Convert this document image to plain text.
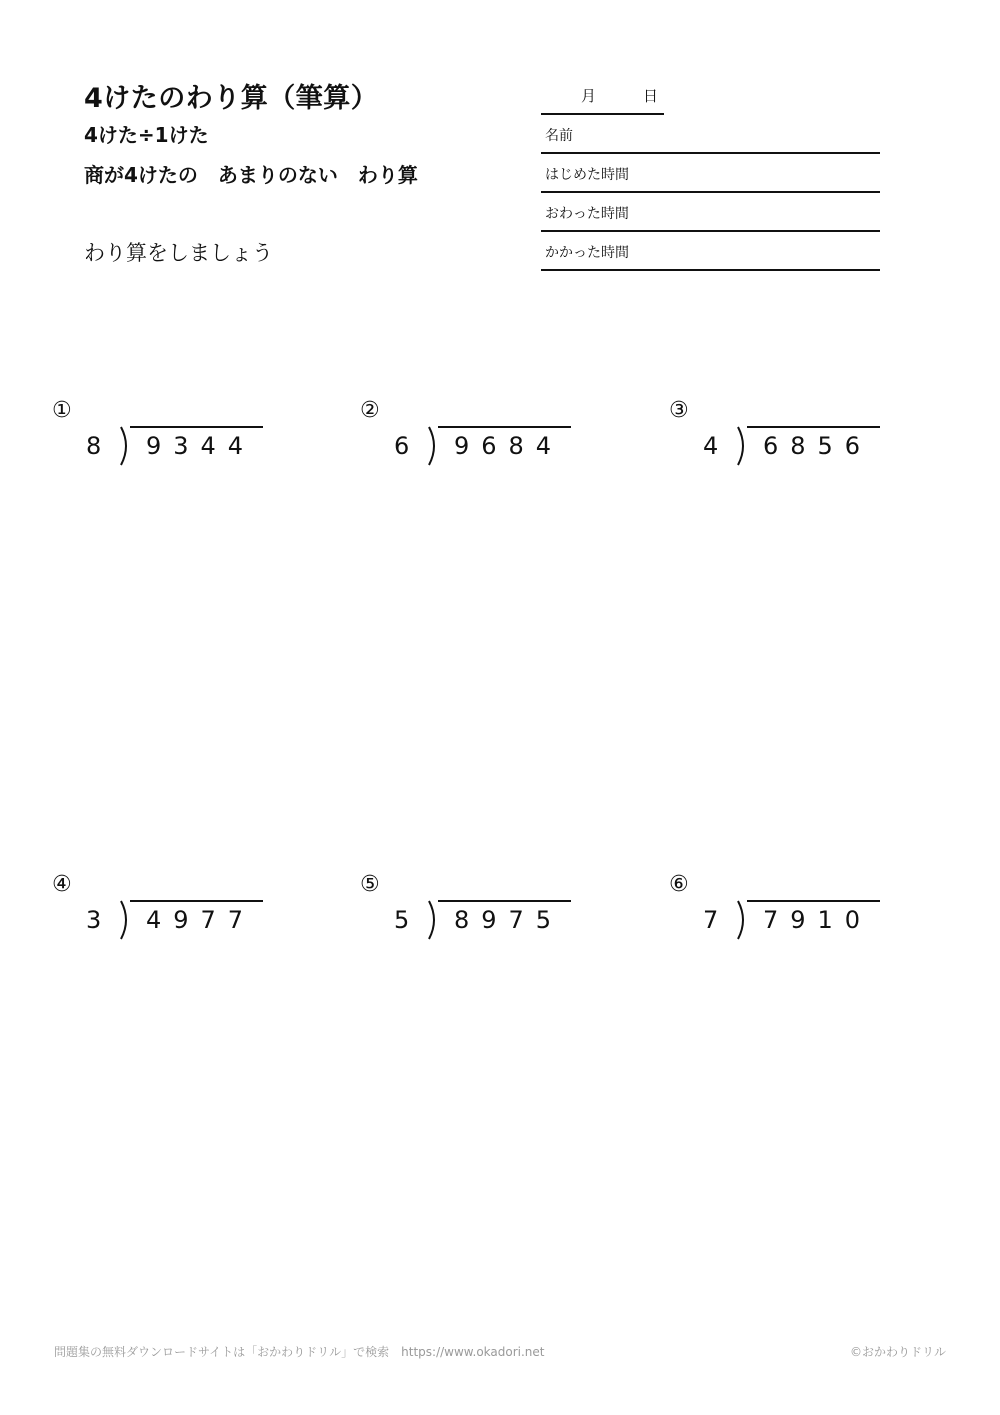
4けたのわり算（筆算）
4けた÷1けた
商が4けたの　あまりのない　わり算
わり算をしましょう
月	日
名前
はじめた時間
おわった時間
かかった時間
①
8 9344
②
6 9684
③
4 6856
④
3 4977
⑤
5 8975
⑥
7 7910
問題集の無料ダウンロードサイトは「おかわりドリル」で検索　https://www.okadori.net	©おかわりドリル
